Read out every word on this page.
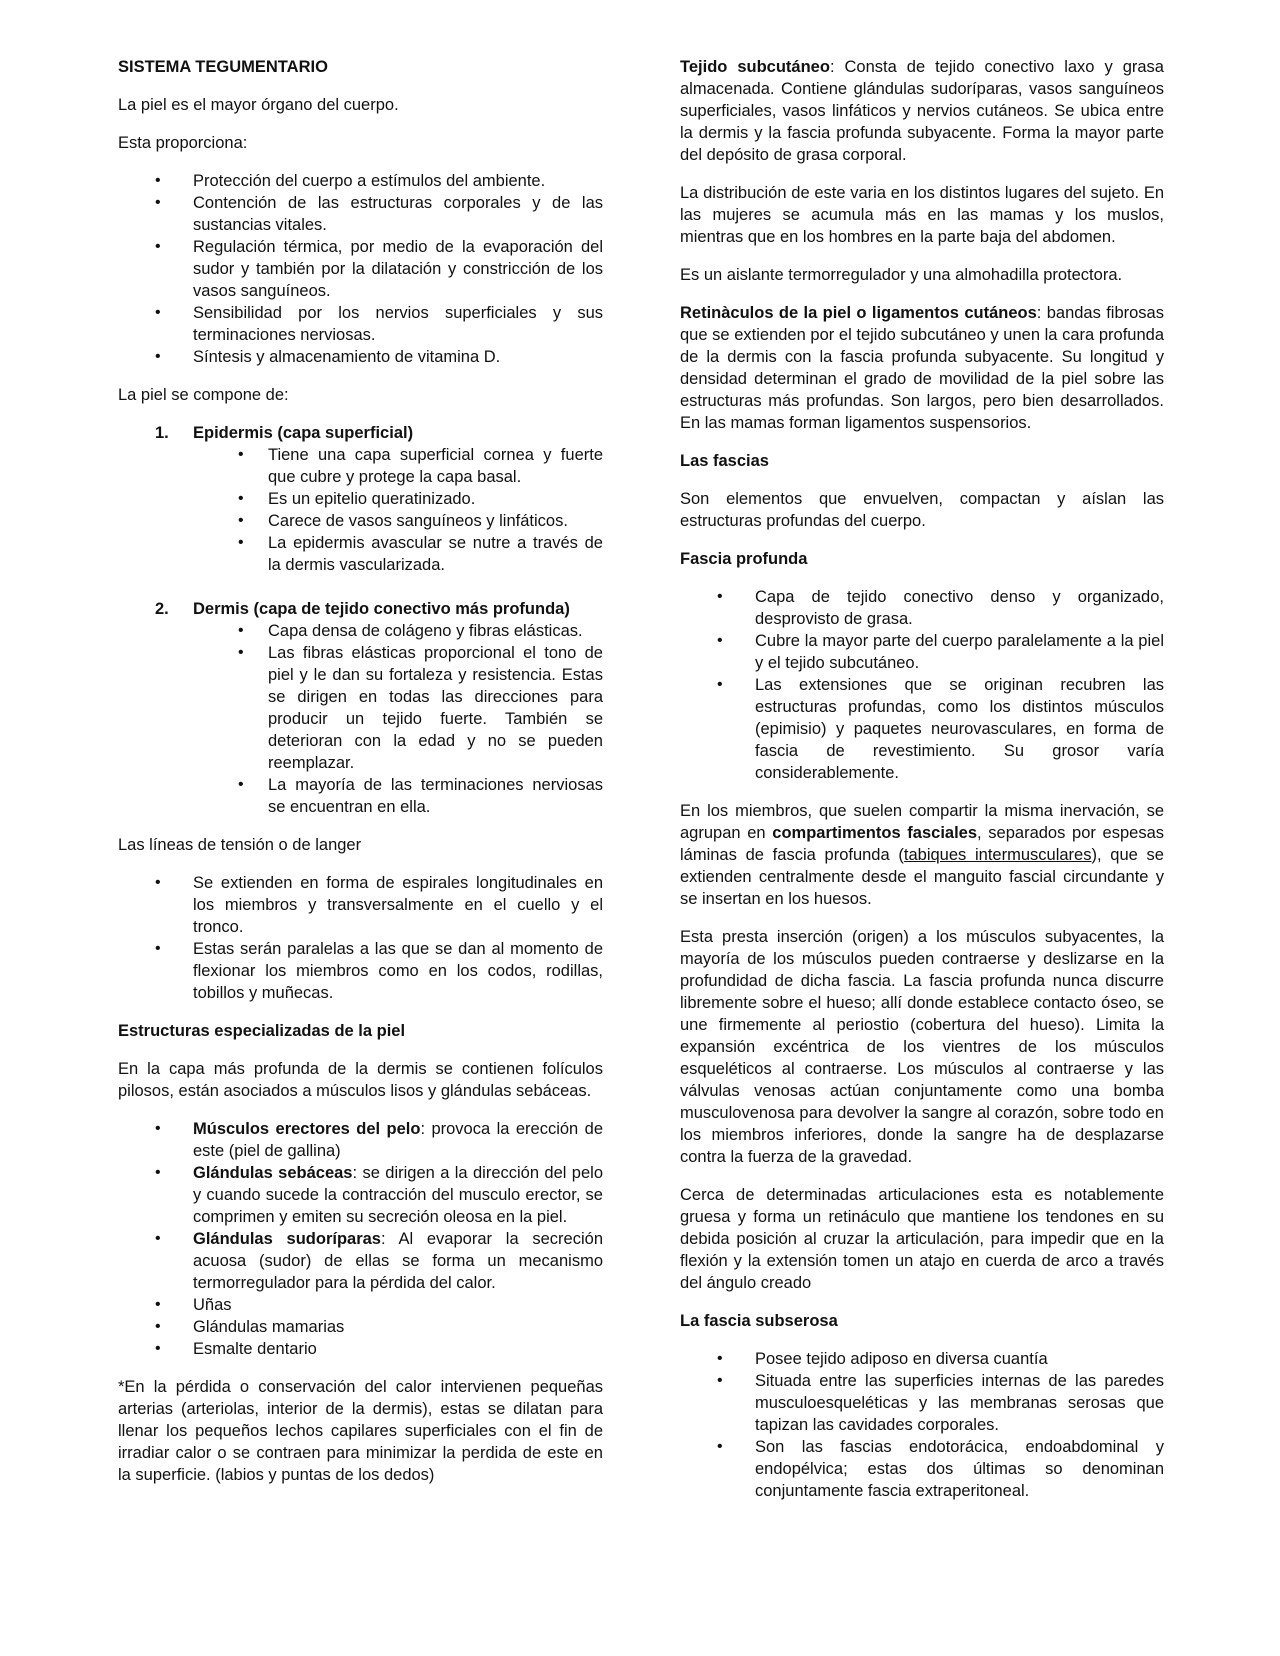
SISTEMA TEGUMENTARIO

La piel es el mayor órgano del cuerpo.

Esta proporciona:

• Protección del cuerpo a estímulos del ambiente.
• Contención de las estructuras corporales y de las sustancias vitales.
• Regulación térmica, por medio de la evaporación del sudor y también por la dilatación y constricción de los vasos sanguíneos.
• Sensibilidad por los nervios superficiales y sus terminaciones nerviosas.
• Síntesis y almacenamiento de vitamina D.

La piel se compone de:

1. Epidermis (capa superficial)
• Tiene una capa superficial cornea y fuerte que cubre y protege la capa basal.
• Es un epitelio queratinizado.
• Carece de vasos sanguíneos y linfáticos.
• La epidermis avascular se nutre a través de la dermis vascularizada.
2. Dermis (capa de tejido conectivo más profunda)
• Capa densa de colágeno y fibras elásticas.
• Las fibras elásticas proporcional el tono de piel y le dan su fortaleza y resistencia. Estas se dirigen en todas las direcciones para producir un tejido fuerte. También se deterioran con la edad y no se pueden reemplazar.
• La mayoría de las terminaciones nerviosas se encuentran en ella.

Las líneas de tensión o de langer

• Se extienden en forma de espirales longitudinales en los miembros y transversalmente en el cuello y el tronco.
• Estas serán paralelas a las que se dan al momento de flexionar los miembros como en los codos, rodillas, tobillos y muñecas.

Estructuras especializadas de la piel

En la capa más profunda de la dermis se contienen folículos pilosos, están asociados a músculos lisos y glándulas sebáceas.

• Músculos erectores del pelo: provoca la erección de este (piel de gallina)
• Glándulas sebáceas: se dirigen a la dirección del pelo y cuando sucede la contracción del musculo erector, se comprimen y emiten su secreción oleosa en la piel.
• Glándulas sudoríparas: Al evaporar la secreción acuosa (sudor) de ellas se forma un mecanismo termorregulador para la pérdida del calor.
• Uñas
• Glándulas mamarias
• Esmalte dentario

*En la pérdida o conservación del calor intervienen pequeñas arterias (arteriolas, interior de la dermis), estas se dilatan para llenar los pequeños lechos capilares superficiales con el fin de irradiar calor o se contraen para minimizar la perdida de este en la superficie. (labios y puntas de los dedos)

Tejido subcutáneo: Consta de tejido conectivo laxo y grasa almacenada. Contiene glándulas sudoríparas, vasos sanguíneos superficiales, vasos linfáticos y nervios cutáneos. Se ubica entre la dermis y la fascia profunda subyacente. Forma la mayor parte del depósito de grasa corporal.

La distribución de este varia en los distintos lugares del sujeto. En las mujeres se acumula más en las mamas y los muslos, mientras que en los hombres en la parte baja del abdomen.

Es un aislante termorregulador y una almohadilla protectora.

Retinàculos de la piel o ligamentos cutáneos: bandas fibrosas que se extienden por el tejido subcutáneo y unen la cara profunda de la dermis con la fascia profunda subyacente. Su longitud y densidad determinan el grado de movilidad de la piel sobre las estructuras más profundas. Son largos, pero bien desarrollados. En las mamas forman ligamentos suspensorios.

Las fascias

Son elementos que envuelven, compactan y aíslan las estructuras profundas del cuerpo.

Fascia profunda

• Capa de tejido conectivo denso y organizado, desprovisto de grasa.
• Cubre la mayor parte del cuerpo paralelamente a la piel y el tejido subcutáneo.
• Las extensiones que se originan recubren las estructuras profundas, como los distintos músculos (epimisio) y paquetes neurovasculares, en forma de fascia de revestimiento. Su grosor varía considerablemente.

En los miembros, que suelen compartir la misma inervación, se agrupan en compartimentos fasciales, separados por espesas láminas de fascia profunda (tabiques intermusculares), que se extienden centralmente desde el manguito fascial circundante y se insertan en los huesos.

Esta presta inserción (origen) a los músculos subyacentes, la mayoría de los músculos pueden contraerse y deslizarse en la profundidad de dicha fascia. La fascia profunda nunca discurre libremente sobre el hueso; allí donde establece contacto óseo, se une firmemente al periostio (cobertura del hueso). Limita la expansión excéntrica de los vientres de los músculos esqueléticos al contraerse. Los músculos al contraerse y las válvulas venosas actúan conjuntamente como una bomba musculovenosa para devolver la sangre al corazón, sobre todo en los miembros inferiores, donde la sangre ha de desplazarse contra la fuerza de la gravedad.

Cerca de determinadas articulaciones esta es notablemente gruesa y forma un retináculo que mantiene los tendones en su debida posición al cruzar la articulación, para impedir que en la flexión y la extensión tomen un atajo en cuerda de arco a través del ángulo creado

La fascia subserosa

• Posee tejido adiposo en diversa cuantía
• Situada entre las superficies internas de las paredes musculoesqueléticas y las membranas serosas que tapizan las cavidades corporales.
• Son las fascias endotorácica, endoabdominal y endopélvica; estas dos últimas so denominan conjuntamente fascia extraperitoneal.
